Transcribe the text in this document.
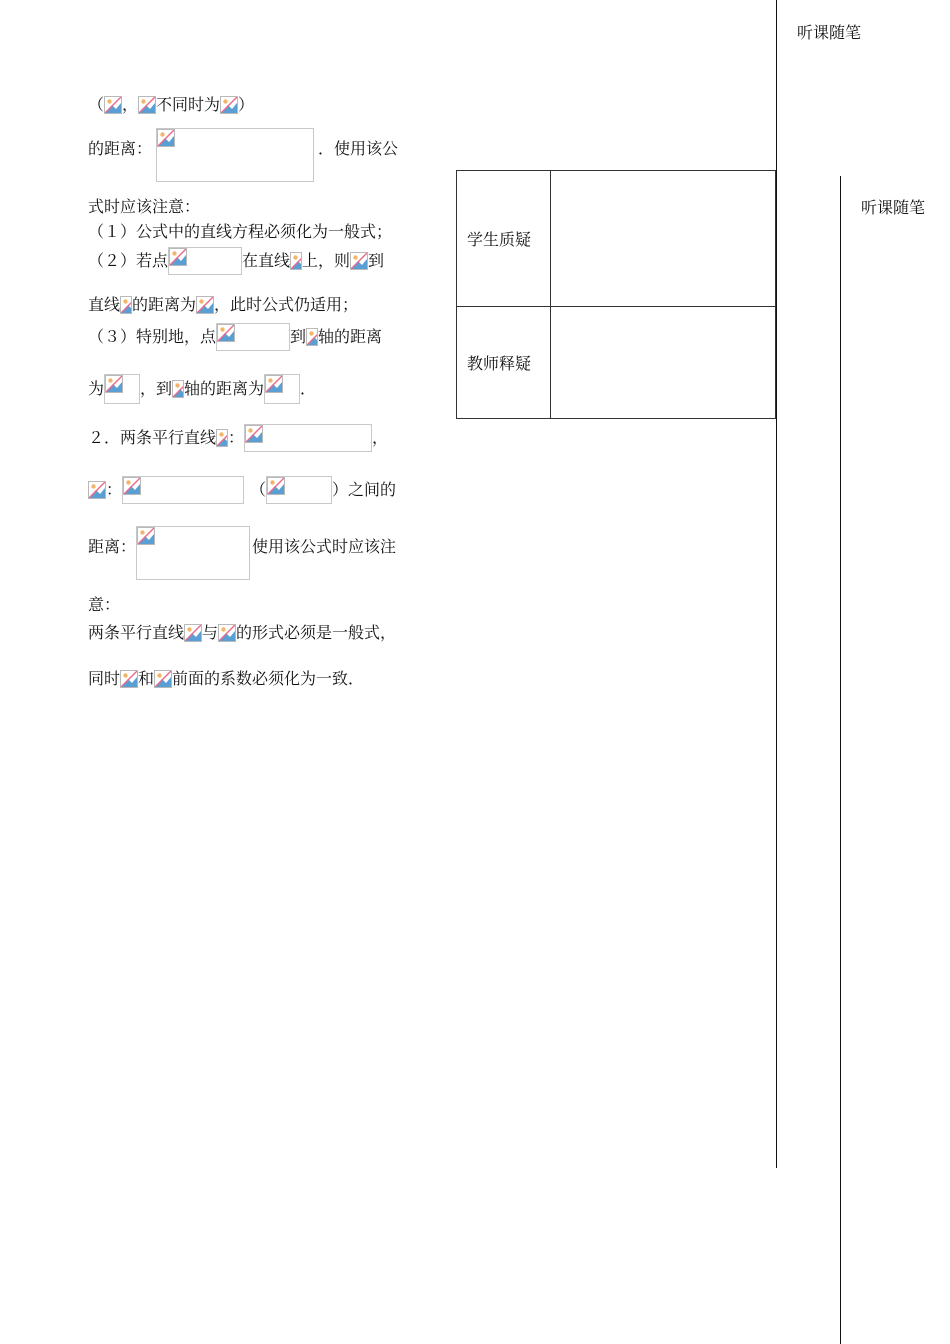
听课随笔
听课随笔
学生质疑	
教师释疑	
（ ， 不同时为 ）
的距离：	．使用该公
式时应该注意：
（１）公式中的直线方程必须化为一般式；
（２）若点	在直线 上，则 到
直线 的距离为 ，此时公式仍适用；
（３）特别地，点	到 轴的距离
为 ，到 轴的距离为 ．
２．两条平行直线 ：	，
：	（	）之间的
距离：	使用该公式时应该注
意：
两条平行直线 与 的形式必须是一般式，
同时 和 前面的系数必须化为一致．
